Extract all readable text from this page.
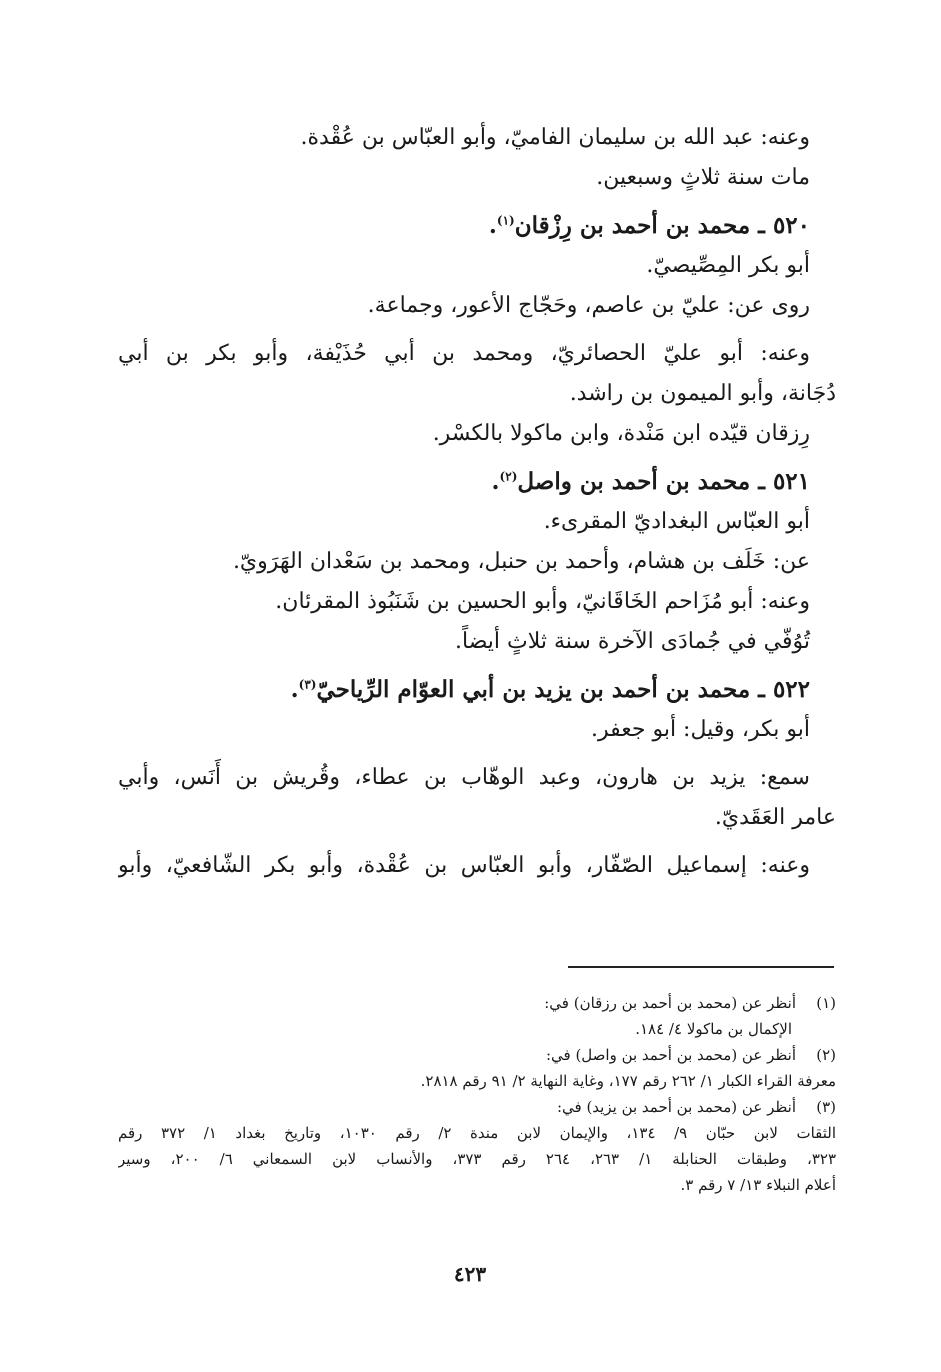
وعنه: عبد الله بن سليمان الفاميّ، وأبو العبّاس بن عُقْدة.
مات سنة ثلاثٍ وسبعين.
٥٢٠ ـ محمد بن أحمد بن رِزْقان$^{(١)}$.
أبو بكر المِصِّيصيّ.
روى عن: عليّ بن عاصم، وحَجّاج الأعور، وجماعة.
وعنه: أبو عليّ الحصائريّ، ومحمد بن أبي حُذَيْفة، وأبو بكر بن أبي
دُجَانة، وأبو الميمون بن راشد.
رِزقان قيّده ابن مَنْدة، وابن ماكولا بالكسْر.
٥٢١ ـ محمد بن أحمد بن واصل$^{(٢)}$.
أبو العبّاس البغداديّ المقرىء.
عن: خَلَف بن هشام، وأحمد بن حنبل، ومحمد بن سَعْدان الهَرَويّ.
وعنه: أبو مُزَاحم الخَاقَانيّ، وأبو الحسين بن شَنَبُوذ المقرئان.
تُوُفّي في جُمادَى الآخرة سنة ثلاثٍ أيضاً.
٥٢٢ ـ محمد بن أحمد بن يزيد بن أبي العوّام الرِّياحيّ$^{(٣)}$.
أبو بكر، وقيل: أبو جعفر.
سمع: يزيد بن هارون، وعبد الوهّاب بن عطاء، وقُريش بن أَنَس، وأبي
عامر العَقَديّ.
وعنه: إسماعيل الصّفّار، وأبو العبّاس بن عُقْدة، وأبو بكر الشّافعيّ، وأبو
(١)أنظر عن (محمد بن أحمد بن رزقان) في:
الإكمال بن ماكولا ٤/ ١٨٤.
(٢)أنظر عن (محمد بن أحمد بن واصل) في:
معرفة القراء الكبار ١/ ٢٦٢ رقم ١٧٧، وغاية النهاية ٢/ ٩١ رقم ٢٨١٨.
(٣)أنظر عن (محمد بن أحمد بن يزيد) في:
الثقات لابن حبّان ٩/ ١٣٤، والإيمان لابن مندة ٢/ رقم ١٠٣٠، وتاريخ بغداد ١/ ٣٧٢ رقم
٣٢٣، وطبقات الحنابلة ١/ ٢٦٣، ٢٦٤ رقم ٣٧٣، والأنساب لابن السمعاني ٦/ ٢٠٠، وسير
أعلام النبلاء ١٣/ ٧ رقم ٣.
٤٢٣
